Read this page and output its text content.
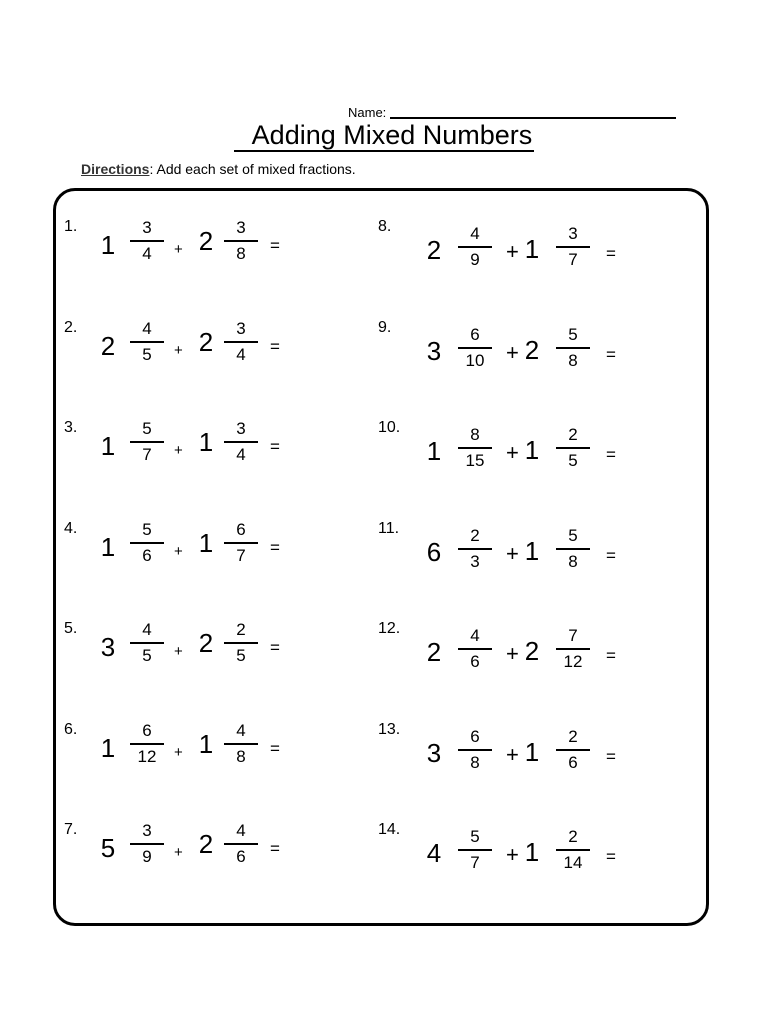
Name:
Adding Mixed Numbers
Directions: Add each set of mixed fractions.
1.
1
3
4	+ 2	3
8	=
2.
2
4
5	+ 2	3
4	=
3.
1
5
7	+ 1	3
4	=
4.
1
5
6	+ 1	6
7	=
5.
3
4
5	+ 2	2
5	=
6.
1
6
12	+ 1	4
8	=
7.
5
3
9	+ 2	4
6	=
8.
2
4
9	+ 1
3
7	=
9.
3
6
10 + 2
5
8	=
10.
1
8
15 + 1
2
5	=
11.
6
2
3	+ 1
5
8	=
12.
2
4
6	+ 2
7
12	=
13.
3
6
8	+ 1
2
6	=
14.
4
5
7	+ 1
2
14	=
